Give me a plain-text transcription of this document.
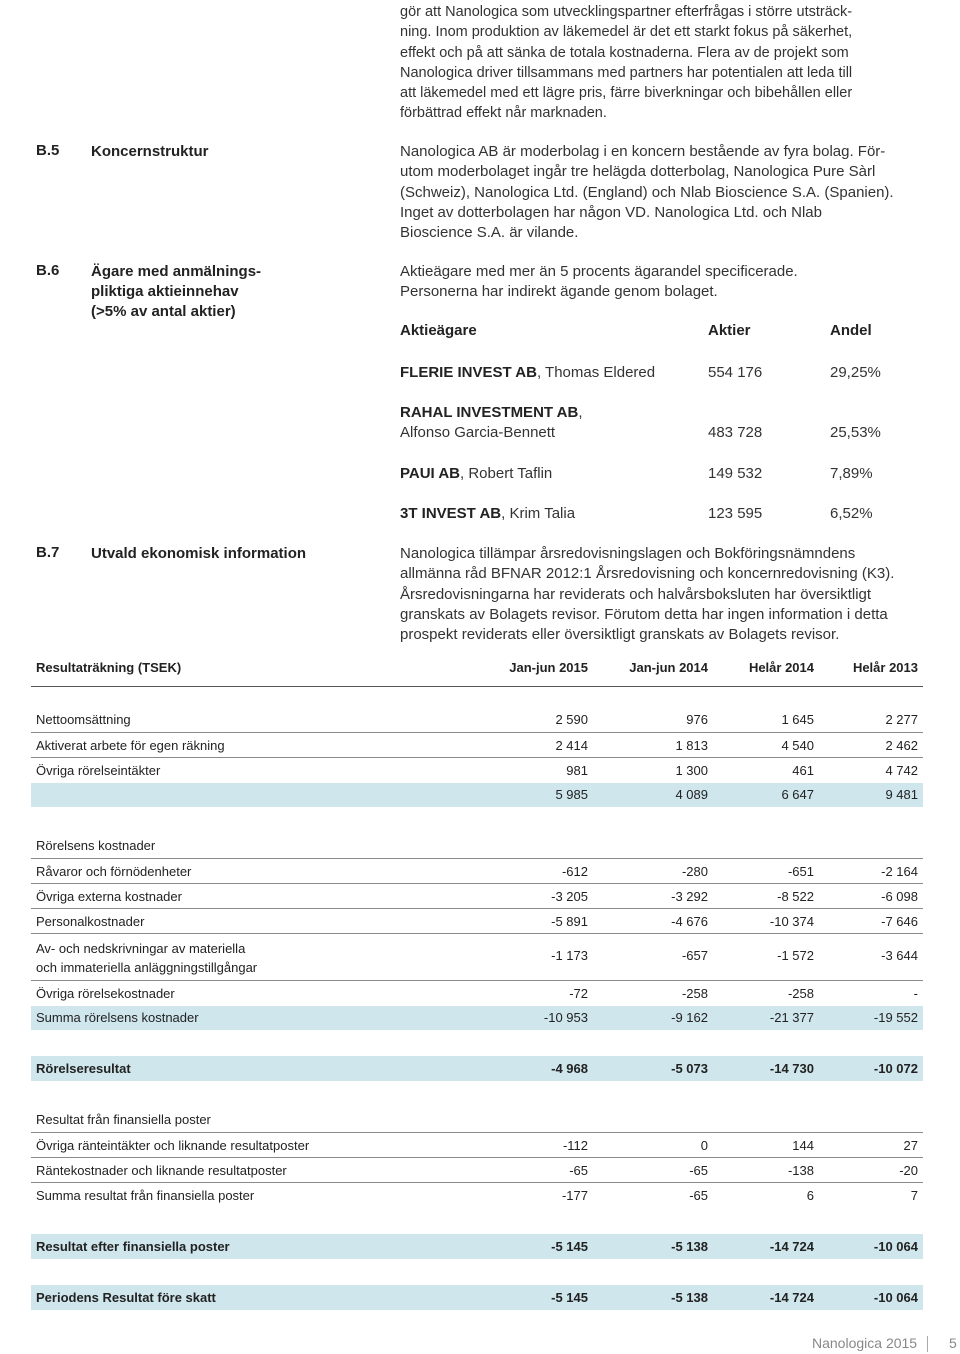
gör att Nanologica som utvecklingspartner efterfrågas i större utsträck-

ning. Inom produktion av läkemedel är det ett starkt fokus på säkerhet,

effekt och på att sänka de totala kostnaderna. Flera av de projekt som

Nanologica driver tillsammans med partners har potentialen att leda till

att läkemedel med ett lägre pris, färre biverkningar och bibehållen eller

förbättrad effekt når marknaden.

B.5 Koncernstruktur	Nanologica AB är moderbolag i en koncern bestående av fyra bolag. För-

utom moderbolaget ingår tre helägda dotterbolag, Nanologica Pure Sàrl

(Schweiz), Nanologica Ltd. (England) och Nlab Bioscience S.A. (Spanien).

Inget av dotterbolagen har någon VD. Nanologica Ltd. och Nlab

Bioscience S.A. är vilande.

B.6 Ägare med anmälnings-
pliktiga aktieinnehav
(>5% av antal aktier)

Aktieägare med mer än 5 procents ägarandel specificerade.

Personerna har indirekt ägande genom bolaget.

Aktieägare	Aktier	Andel
FLERIE INVEST AB, Thomas Eldered	554 176	29,25%
RAHAL INVESTMENT AB,
Alfonso Garcia-Bennett	483 728	25,53%
PAUI AB, Robert Taflin	149 532	7,89%
3T INVEST AB, Krim Talia	123 595	6,52%
B.7 Utvald ekonomisk information	Nanologica tillämpar årsredovisningslagen och Bokföringsnämndens

allmänna råd BFNAR 2012:1 Årsredovisning och koncernredovisning (K3).

Årsredovisningarna har reviderats och halvårsboksluten har översiktligt

granskats av Bolagets revisor. Förutom detta har ingen information i detta

prospekt reviderats eller översiktligt granskats av Bolagets revisor.

Resultaträkning (TSEK)	Jan-jun 2015	Jan-jun 2014	Helår 2014	Helår 2013
Nettoomsättning	2 590	976	1 645	2 277
Aktiverat arbete för egen räkning	2 414	1 813	4 540	2 462
Övriga rörelseintäkter	981	1 300	461	4 742
5 985	4 089	6 647	9 481
Rörelsens kostnader
Råvaror och förnödenheter	-612	-280	-651	-2 164
Övriga externa kostnader	-3 205	-3 292	-8 522	-6 098
Personalkostnader	-5 891	-4 676	-10 374	-7 646
Av- och nedskrivningar av materiella
och immateriella anläggningstillgångar
-1 173	-657	-1 572	-3 644
Övriga rörelsekostnader	-72	-258	-258	-
Summa rörelsens kostnader	-10 953	-9 162	-21 377	-19 552
Rörelseresultat	-4 968	-5 073	-14 730	-10 072
Resultat från finansiella poster
Övriga ränteintäkter och liknande resultatposter	-112	0	144	27
Räntekostnader och liknande resultatposter	-65	-65	-138	-20
Summa resultat från finansiella poster	-177	-65	6	7
Resultat efter finansiella poster	-5 145	-5 138	-14 724	-10 064
Periodens Resultat före skatt	-5 145	-5 138	-14 724	-10 064
Nanologica 2015 5
